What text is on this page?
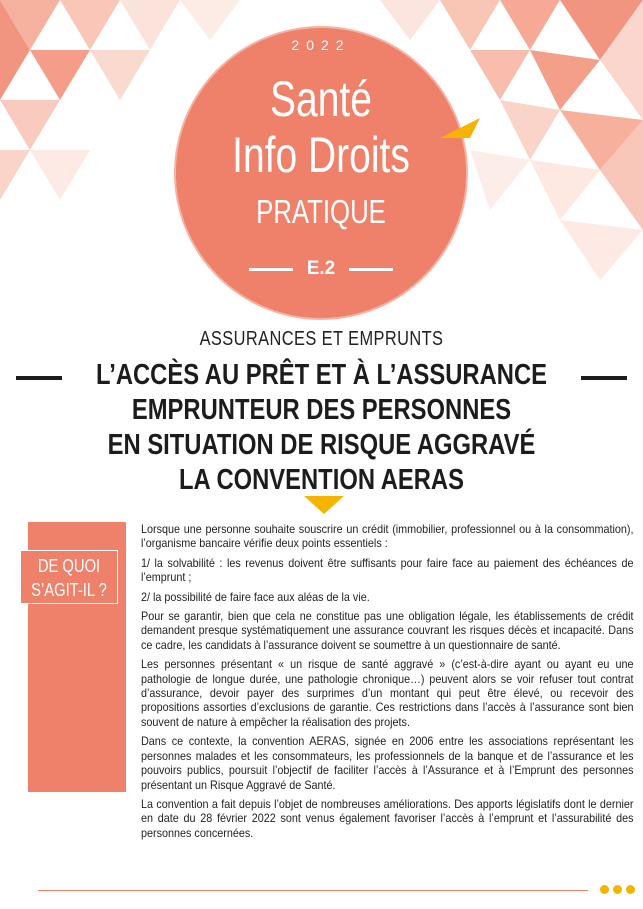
2022
Santé
Info Droits
PRATIQUE
E.2
ASSURANCES ET EMPRUNTS
L’ACCÈS AU PRÊT ET À L’ASSURANCE
EMPRUNTEUR DES PERSONNES
EN SITUATION DE RISQUE AGGRAVÉ
LA CONVENTION AERAS
DE QUOI
S’AGIT-IL ?

Lorsque une personne souhaite souscrire un crédit (immobilier, professionnel ou à la consommation), l’organisme bancaire vérifie deux points essentiels :

1/ la solvabilité : les revenus doivent être suffisants pour faire face au paiement des échéances de l’emprunt ;

2/ la possibilité de faire face aux aléas de la vie.

Pour se garantir, bien que cela ne constitue pas une obligation légale, les établissements de crédit demandent presque systématiquement une assurance couvrant les risques décès et incapacité. Dans ce cadre, les candidats à l’assurance doivent se soumettre à un questionnaire de santé.

Les personnes présentant « un risque de santé aggravé » (c’est-à-dire ayant ou ayant eu une pathologie de longue durée, une pathologie chronique…) peuvent alors se voir refuser tout contrat d’assurance, devoir payer des surprimes d’un montant qui peut être élevé, ou recevoir des propositions assorties d’exclusions de garantie. Ces restrictions dans l’accès à l’assurance sont bien souvent de nature à empêcher la réalisation des projets.

Dans ce contexte, la convention AERAS, signée en 2006 entre les associations représentant les personnes malades et les consommateurs, les professionnels de la banque et de l’assurance et les pouvoirs publics, poursuit l’objectif de faciliter l’accès à l’Assurance et à l’Emprunt des personnes présentant un Risque Aggravé de Santé.

La convention a fait depuis l’objet de nombreuses améliorations. Des apports législatifs dont le dernier en date du 28 février 2022 sont venus également favoriser l’accès à l’emprunt et l’assurabilité des personnes concernées.
